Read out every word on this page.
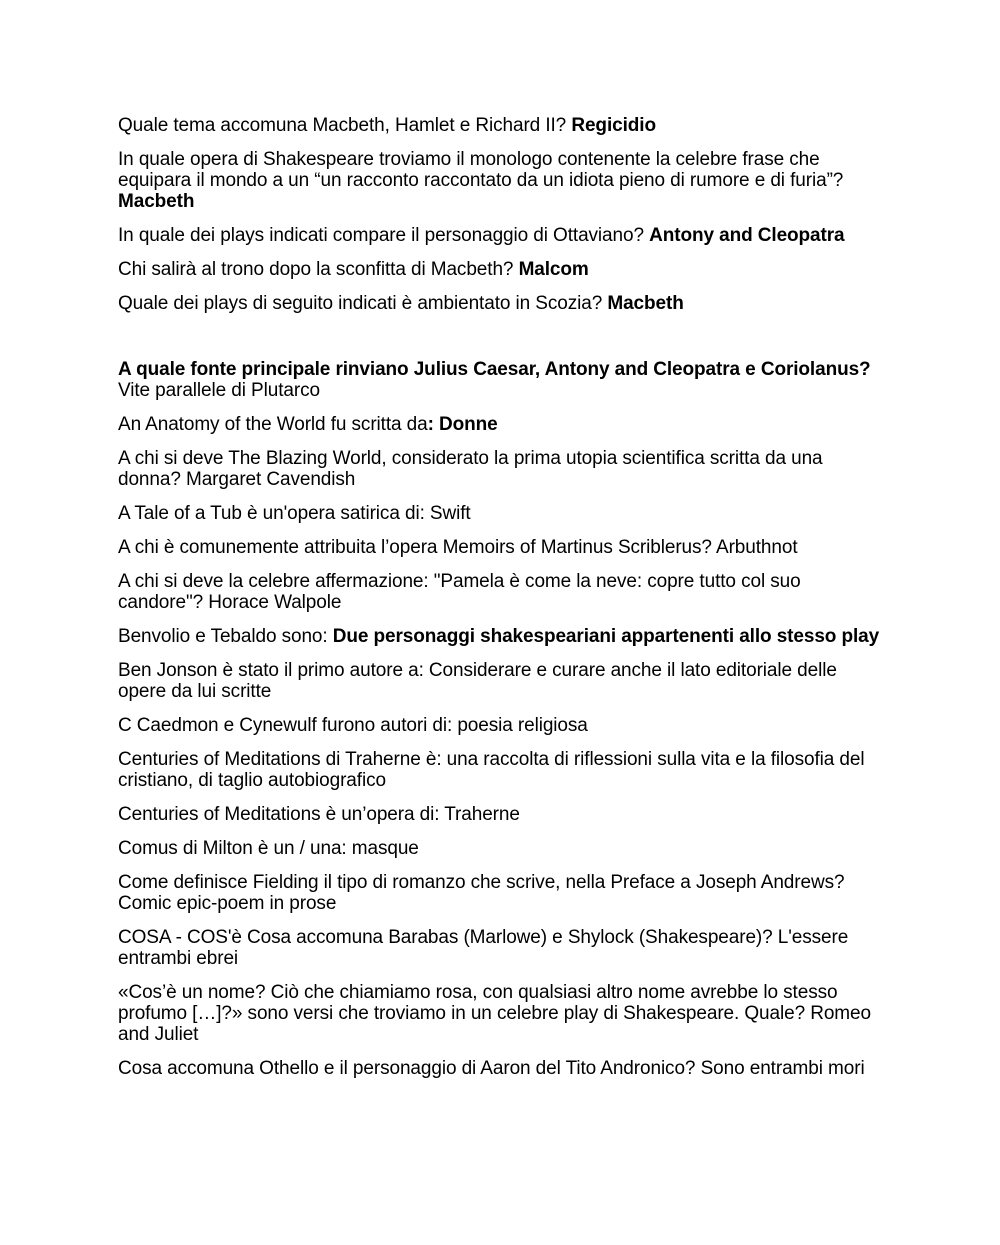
Quale tema accomuna Macbeth, Hamlet e Richard II? Regicidio

In quale opera di Shakespeare troviamo il monologo contenente la celebre frase che equipara il mondo a un “un racconto raccontato da un idiota pieno di rumore e di furia”? Macbeth

In quale dei plays indicati compare il personaggio di Ottaviano? Antony and Cleopatra

Chi salirà al trono dopo la sconfitta di Macbeth? Malcom

Quale dei plays di seguito indicati è ambientato in Scozia? Macbeth

A quale fonte principale rinviano Julius Caesar, Antony and Cleopatra e Coriolanus? Vite parallele di Plutarco

An Anatomy of the World fu scritta da: Donne

A chi si deve The Blazing World, considerato la prima utopia scientifica scritta da una donna? Margaret Cavendish

A Tale of a Tub è un'opera satirica di: Swift

A chi è comunemente attribuita l’opera Memoirs of Martinus Scriblerus? Arbuthnot

A chi si deve la celebre affermazione: "Pamela è come la neve: copre tutto col suo candore"? Horace Walpole

Benvolio e Tebaldo sono: Due personaggi shakespeariani appartenenti allo stesso play

Ben Jonson è stato il primo autore a: Considerare e curare anche il lato editoriale delle opere da lui scritte

C Caedmon e Cynewulf furono autori di: poesia religiosa

Centuries of Meditations di Traherne è: una raccolta di riflessioni sulla vita e la filosofia del cristiano, di taglio autobiografico

Centuries of Meditations è un’opera di: Traherne

Comus di Milton è un / una: masque

Come definisce Fielding il tipo di romanzo che scrive, nella Preface a Joseph Andrews?Comic epic-poem in prose

COSA - COS'è Cosa accomuna Barabas (Marlowe) e Shylock (Shakespeare)? L'essere entrambi ebrei

«Cos’è un nome? Ciò che chiamiamo rosa, con qualsiasi altro nome avrebbe lo stesso profumo […]?» sono versi che troviamo in un celebre play di Shakespeare. Quale? Romeo and Juliet

Cosa accomuna Othello e il personaggio di Aaron del Tito Andronico? Sono entrambi mori
